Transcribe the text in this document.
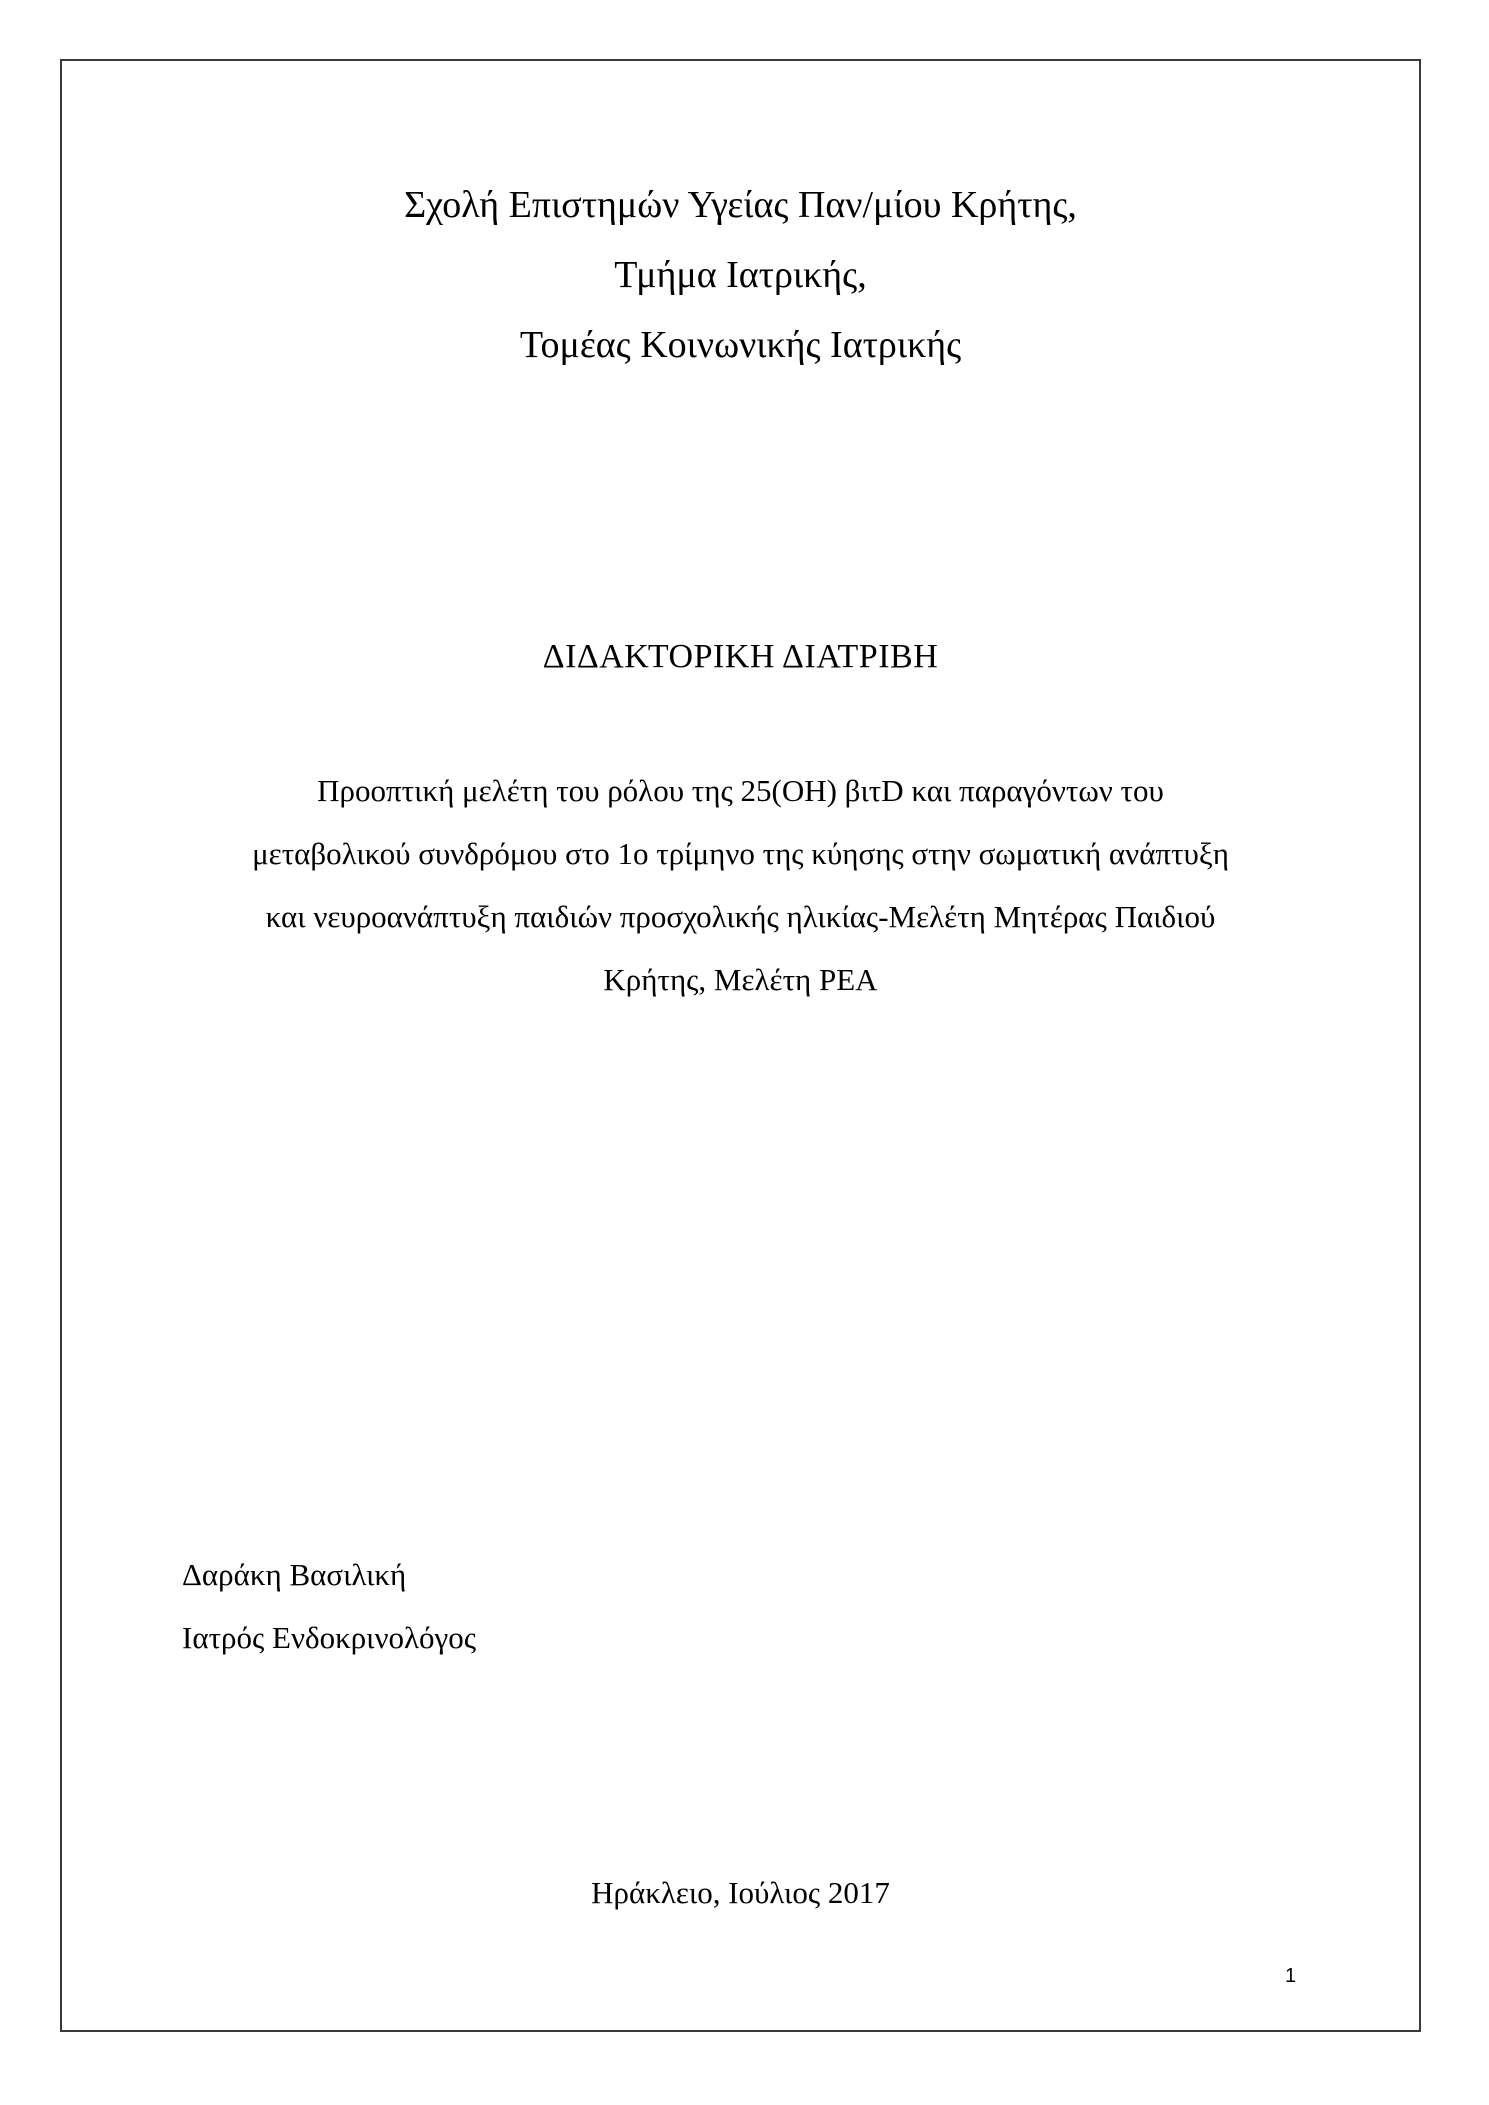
Σχολή Επιστημών Υγείας Παν/μίου Κρήτης,
Τμήμα Ιατρικής,
Τομέας Κοινωνικής Ιατρικής
ΔΙΔΑΚΤΟΡΙΚΗ ΔΙΑΤΡΙΒΗ
Προοπτική μελέτη του ρόλου της 25(OH) βιτD και παραγόντων του
μεταβολικού συνδρόμου στο 1ο τρίμηνο της κύησης στην σωματική ανάπτυξη
και νευροανάπτυξη παιδιών προσχολικής ηλικίας-Μελέτη Μητέρας Παιδιού
Κρήτης, Μελέτη ΡΕΑ
Δαράκη Βασιλική
Ιατρός Ενδοκρινολόγος
Ηράκλειο, Ιούλιος 2017
1
